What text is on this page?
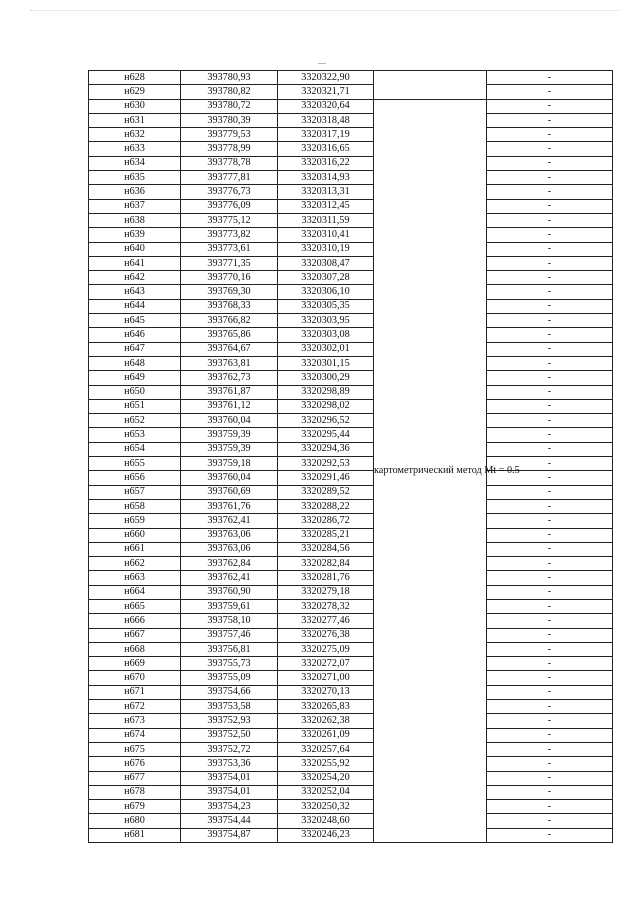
н628	393780,93	3320322,90		-
н629	393780,82	3320321,71		-
н630	393780,72	3320320,64	картометрический метод Mt = 0.5	-
н631	393780,39	3320318,48		-
н632	393779,53	3320317,19		-
н633	393778,99	3320316,65		-
н634	393778,78	3320316,22		-
н635	393777,81	3320314,93		-
н636	393776,73	3320313,31		-
н637	393776,09	3320312,45		-
н638	393775,12	3320311,59		-
н639	393773,82	3320310,41		-
н640	393773,61	3320310,19		-
н641	393771,35	3320308,47		-
н642	393770,16	3320307,28		-
н643	393769,30	3320306,10		-
н644	393768,33	3320305,35		-
н645	393766,82	3320303,95		-
н646	393765,86	3320303,08		-
н647	393764,67	3320302,01		-
н648	393763,81	3320301,15		-
н649	393762,73	3320300,29		-
н650	393761,87	3320298,89		-
н651	393761,12	3320298,02		-
н652	393760,04	3320296,52		-
н653	393759,39	3320295,44		-
н654	393759,39	3320294,36		-
н655	393759,18	3320292,53		-
н656	393760,04	3320291,46		-
н657	393760,69	3320289,52		-
н658	393761,76	3320288,22		-
н659	393762,41	3320286,72		-
н660	393763,06	3320285,21		-
н661	393763,06	3320284,56		-
н662	393762,84	3320282,84		-
н663	393762,41	3320281,76		-
н664	393760,90	3320279,18		-
н665	393759,61	3320278,32		-
н666	393758,10	3320277,46		-
н667	393757,46	3320276,38		-
н668	393756,81	3320275,09		-
н669	393755,73	3320272,07		-
н670	393755,09	3320271,00		-
н671	393754,66	3320270,13		-
н672	393753,58	3320265,83		-
н673	393752,93	3320262,38		-
н674	393752,50	3320261,09		-
н675	393752,72	3320257,64		-
н676	393753,36	3320255,92		-
н677	393754,01	3320254,20		-
н678	393754,01	3320252,04		-
н679	393754,23	3320250,32		-
н680	393754,44	3320248,60		-
н681	393754,87	3320246,23		-
